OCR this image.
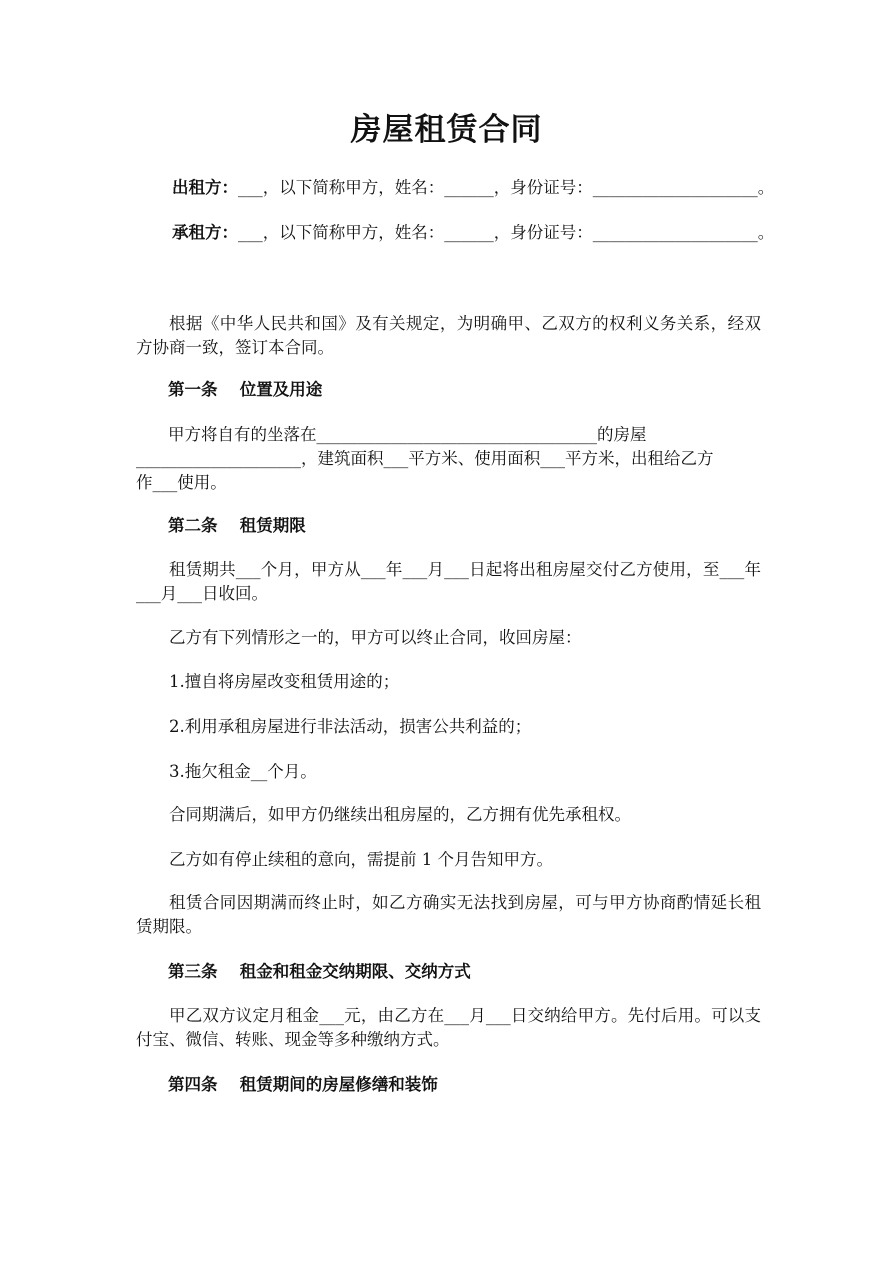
房屋租赁合同
出租方：___，以下简称甲方，姓名：______，身份证号：____________________。
承租方：___，以下简称甲方，姓名：______，身份证号：____________________。
根据《中华人民共和国》及有关规定，为明确甲、乙双方的权利义务关系，经双方协商一致，签订本合同。
第一条　 位置及用途
甲方将自有的坐落在__________________________________的房屋
____________________，建筑面积___平方米、使用面积___平方米，出租给乙方
作___使用。
第二条　 租赁期限
租赁期共___个月，甲方从___年___月___日起将出租房屋交付乙方使用，至___年___月___日收回。
乙方有下列情形之一的，甲方可以终止合同，收回房屋：
1.擅自将房屋改变租赁用途的；
2.利用承租房屋进行非法活动，损害公共利益的；
3.拖欠租金__个月。
合同期满后，如甲方仍继续出租房屋的，乙方拥有优先承租权。
乙方如有停止续租的意向，需提前 1 个月告知甲方。
租赁合同因期满而终止时，如乙方确实无法找到房屋，可与甲方协商酌情延长租赁期限。
第三条　 租金和租金交纳期限、交纳方式
甲乙双方议定月租金___元，由乙方在___月___日交纳给甲方。先付后用。可以支付宝、微信、转账、现金等多种缴纳方式。
第四条　 租赁期间的房屋修缮和装饰
